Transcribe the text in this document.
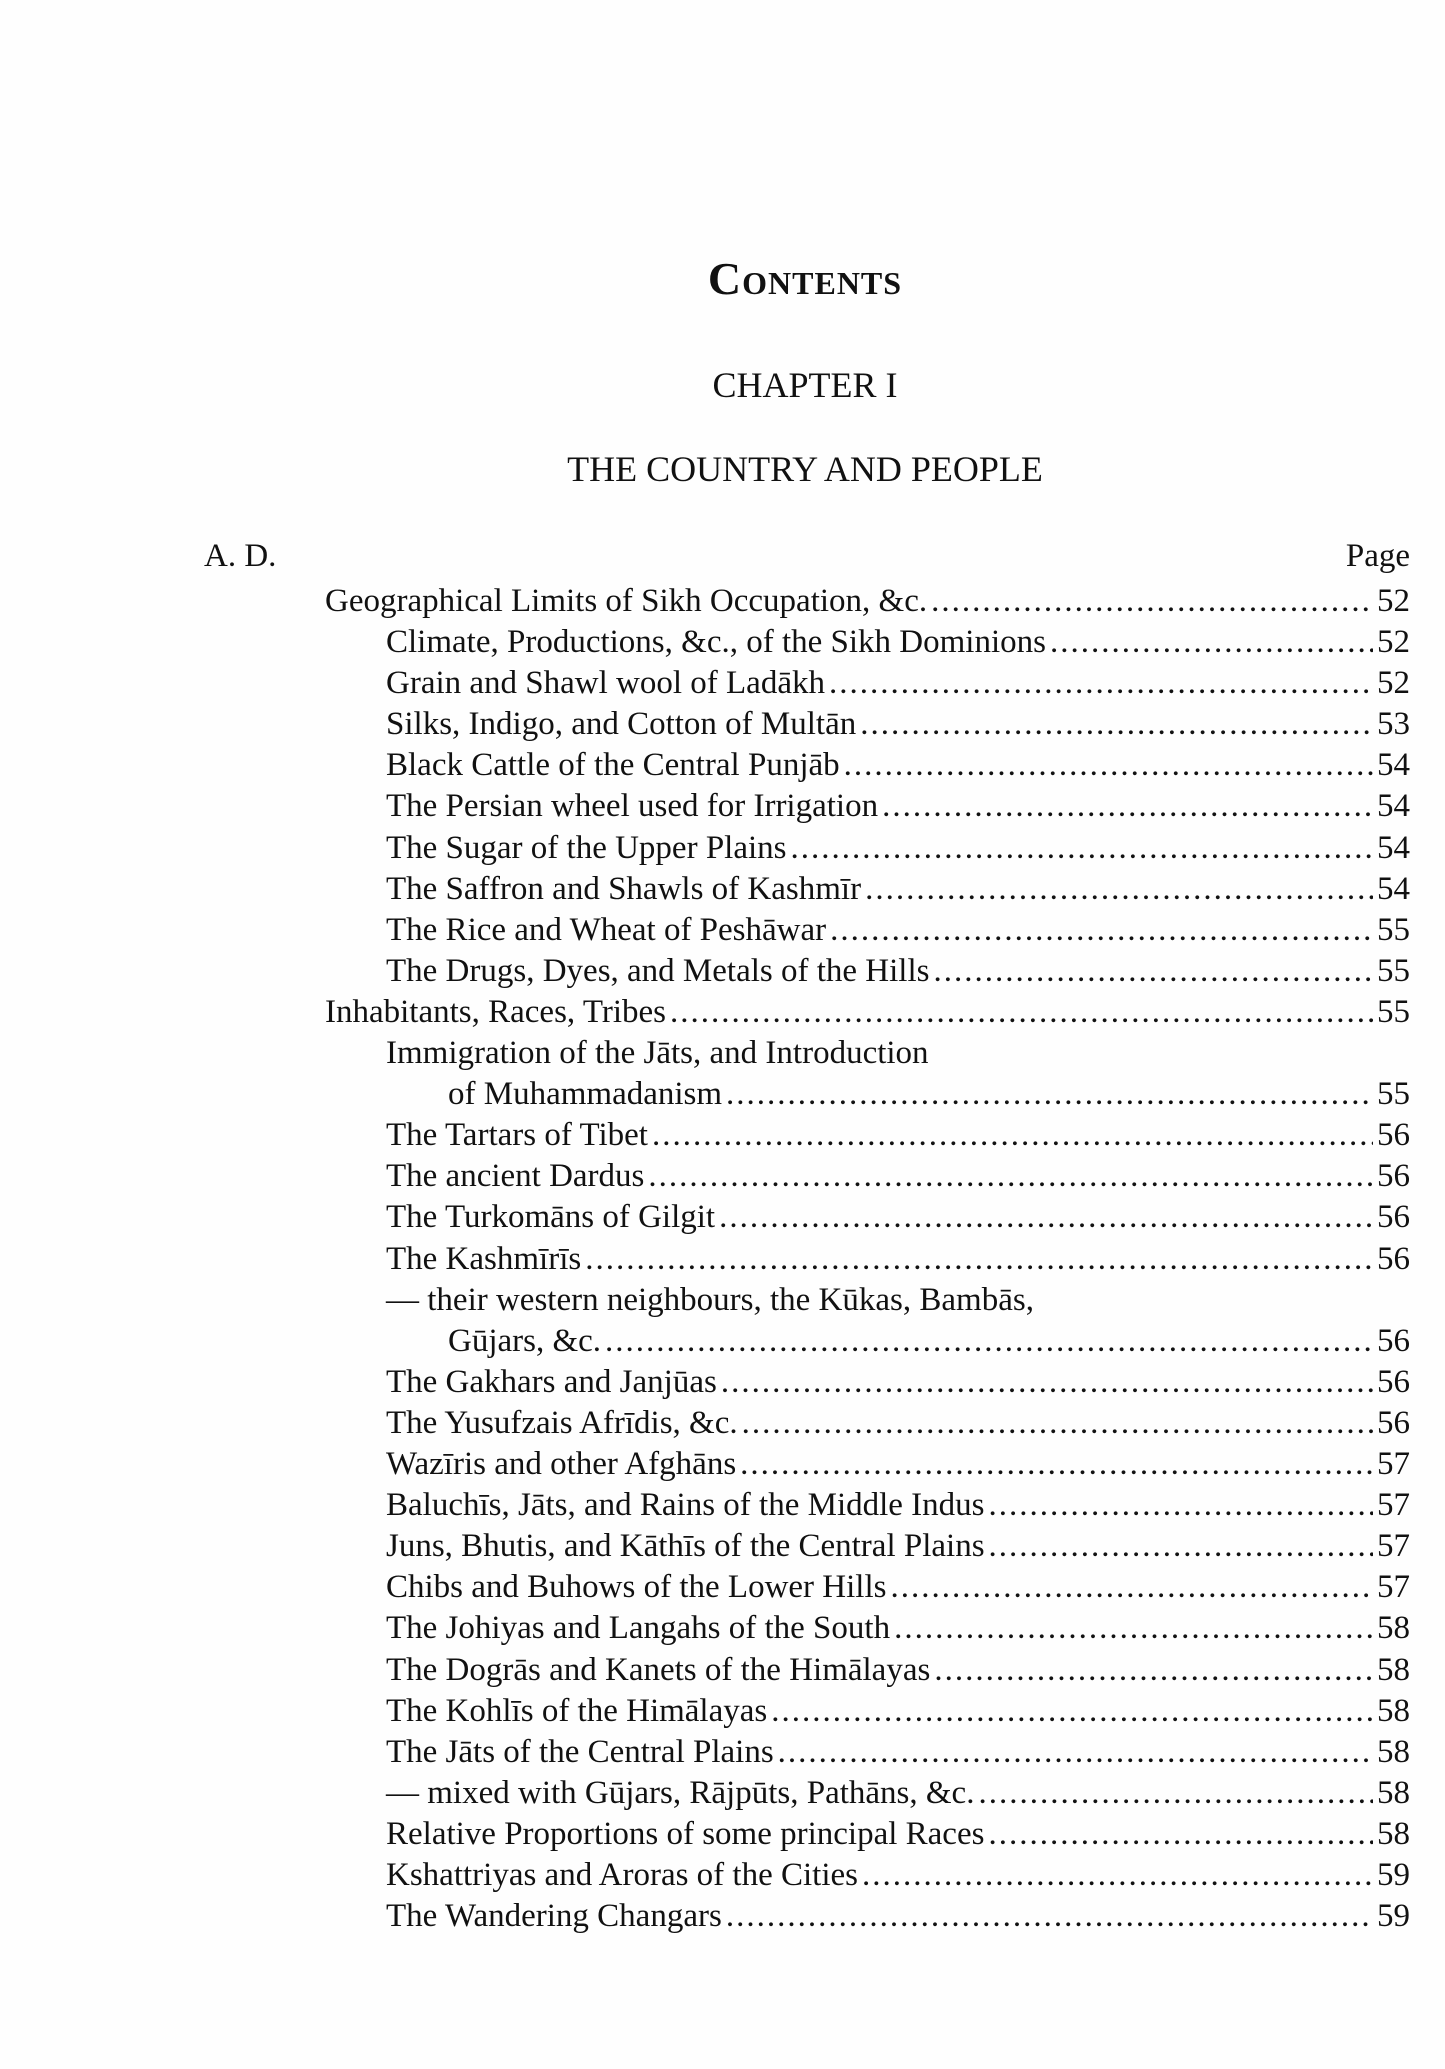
Contents
CHAPTER I
THE COUNTRY AND PEOPLE
A. D.	Page
Geographical Limits of Sikh Occupation, &c. .....	52
Climate, Productions, &c., of the Sikh Dominions .....	52
Grain and Shawl wool of Ladākh .....	52
Silks, Indigo, and Cotton of Multān .....	53
Black Cattle of the Central Punjāb .....	54
The Persian wheel used for Irrigation .....	54
The Sugar of the Upper Plains .....	54
The Saffron and Shawls of Kashmīr .....	54
The Rice and Wheat of Peshāwar .....	55
The Drugs, Dyes, and Metals of the Hills .....	55
Inhabitants, Races, Tribes .....	55
Immigration of the Jāts, and Introduction
of Muhammadanism .....	55
The Tartars of Tibet .....	56
The ancient Dardus .....	56
The Turkomāns of Gilgit .....	56
The Kashmīrīs .....	56
— their western neighbours, the Kūkas, Bambās,
Gūjars, &c. .....	56
The Gakhars and Janjūas .....	56
The Yusufzais Afrīdis, &c. .....	56
Wazīris and other Afghāns .....	57
Baluchīs, Jāts, and Rains of the Middle Indus .....	57
Juns, Bhutis, and Kāthīs of the Central Plains .....	57
Chibs and Buhows of the Lower Hills .....	57
The Johiyas and Langahs of the South .....	58
The Dogrās and Kanets of the Himālayas .....	58
The Kohlīs of the Himālayas .....	58
The Jāts of the Central Plains .....	58
— mixed with Gūjars, Rājpūts, Pathāns, &c. .....	58
Relative Proportions of some principal Races .....	58
Kshattriyas and Aroras of the Cities .....	59
The Wandering Changars .....	59
